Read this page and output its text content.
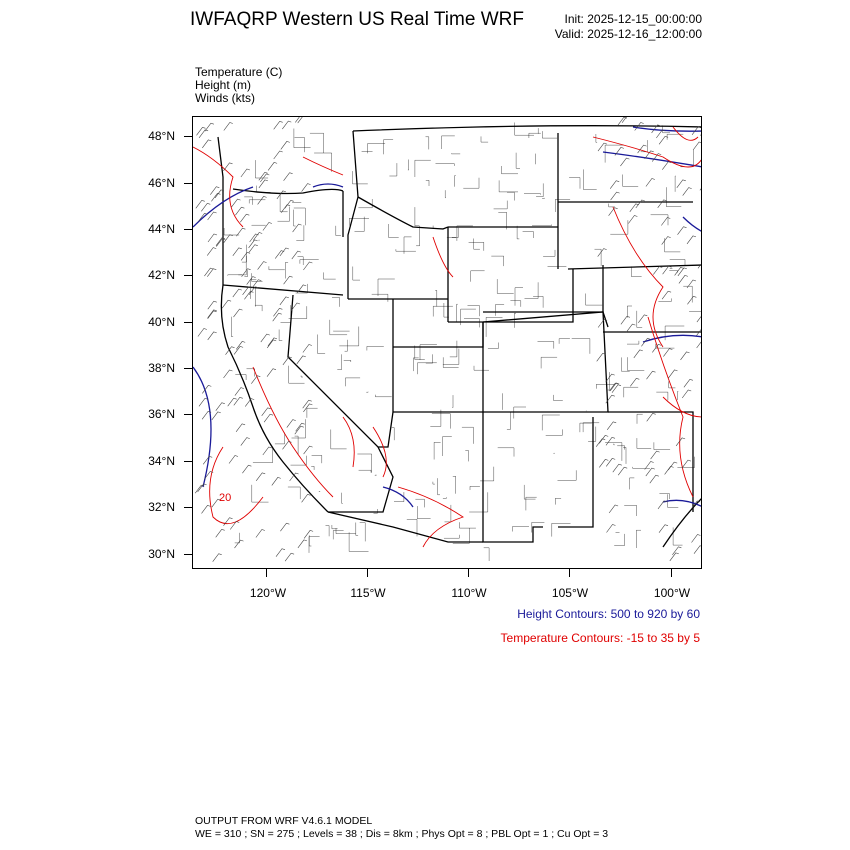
IWFAQRP Western US Real Time WRF	Init: 2025-12-15_00:00:00
Valid: 2025-12-16_12:00:00
Temperature (C)
Height (m)
Winds (kts)
20
48°N
46°N
44°N
42°N
40°N
38°N
36°N
34°N
32°N
30°N
120°W	115°W	110°W	105°W	100°W
Height Contours: 500 to 920 by 60
Temperature Contours: -15 to 35 by 5
OUTPUT FROM WRF V4.6.1 MODEL
WE = 310 ; SN = 275 ; Levels = 38 ; Dis = 8km ; Phys Opt = 8 ; PBL Opt = 1 ; Cu Opt = 3
